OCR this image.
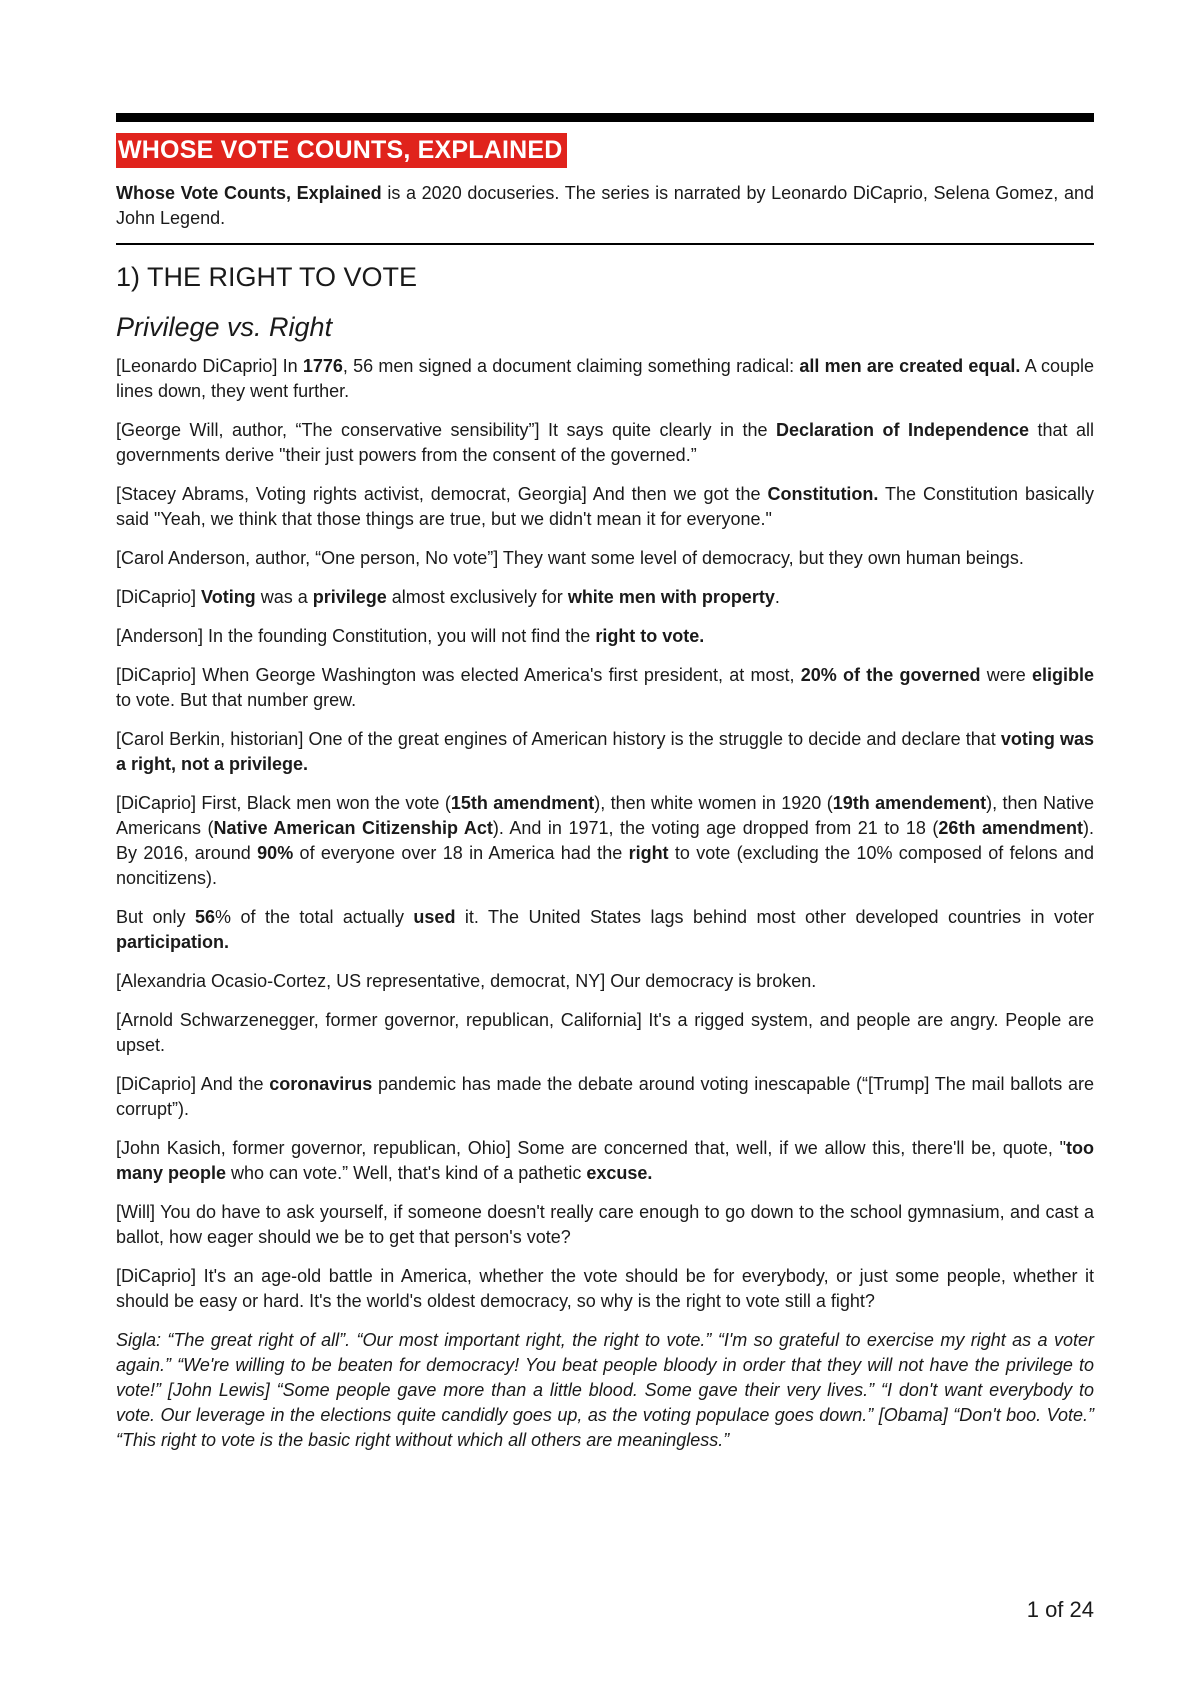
WHOSE VOTE COUNTS, EXPLAINED

Whose Vote Counts, Explained is a 2020 docuseries. The series is narrated by Leonardo DiCaprio, Selena Gomez, and John Legend.

1) THE RIGHT TO VOTE
Privilege vs. Right

[Leonardo DiCaprio] In 1776, 56 men signed a document claiming something radical: all men are created equal. A couple lines down, they went further.

[George Will, author, “The conservative sensibility”] It says quite clearly in the Declaration of Independence that all governments derive "their just powers from the consent of the governed.”

[Stacey Abrams, Voting rights activist, democrat, Georgia] And then we got the Constitution. The Constitution basically said "Yeah, we think that those things are true, but we didn't mean it for everyone."

[Carol Anderson, author, “One person, No vote”] They want some level of democracy, but they own human beings.

[DiCaprio] Voting was a privilege almost exclusively for white men with property.

[Anderson] In the founding Constitution, you will not find the right to vote.

[DiCaprio] When George Washington was elected America's first president, at most, 20% of the governed were eligible to vote. But that number grew.

[Carol Berkin, historian] One of the great engines of American history is the struggle to decide and declare that voting was a right, not a privilege.

[DiCaprio] First, Black men won the vote (15th amendment), then white women in 1920 (19th amendement), then Native Americans (Native American Citizenship Act). And in 1971, the voting age dropped from 21 to 18 (26th amendment). By 2016, around 90% of everyone over 18 in America had the right to vote (excluding the 10% composed of felons and noncitizens).

But only 56% of the total actually used it. The United States lags behind most other developed countries in voter participation.

[Alexandria Ocasio-Cortez, US representative, democrat, NY] Our democracy is broken.

[Arnold Schwarzenegger, former governor, republican, California] It's a rigged system, and people are angry. People are upset.

[DiCaprio] And the coronavirus pandemic has made the debate around voting inescapable (“[Trump] The mail ballots are corrupt”).

[John Kasich, former governor, republican, Ohio] Some are concerned that, well, if we allow this, there'll be, quote, "too many people who can vote.” Well, that's kind of a pathetic excuse.

[Will] You do have to ask yourself, if someone doesn't really care enough to go down to the school gymnasium, and cast a ballot, how eager should we be to get that person's vote?

[DiCaprio] It's an age-old battle in America, whether the vote should be for everybody, or just some people, whether it should be easy or hard. It's the world's oldest democracy, so why is the right to vote still a fight?

Sigla: “The great right of all”. “Our most important right, the right to vote.” “I'm so grateful to exercise my right as a voter again.” “We're willing to be beaten for democracy! You beat people bloody in order that they will not have the privilege to vote!” [John Lewis] “Some people gave more than a little blood. Some gave their very lives.” “I don't want everybody to vote. Our leverage in the elections quite candidly goes up, as the voting populace goes down.” [Obama] “Don't boo. Vote.” “This right to vote is the basic right without which all others are meaningless.”

1 of 24
